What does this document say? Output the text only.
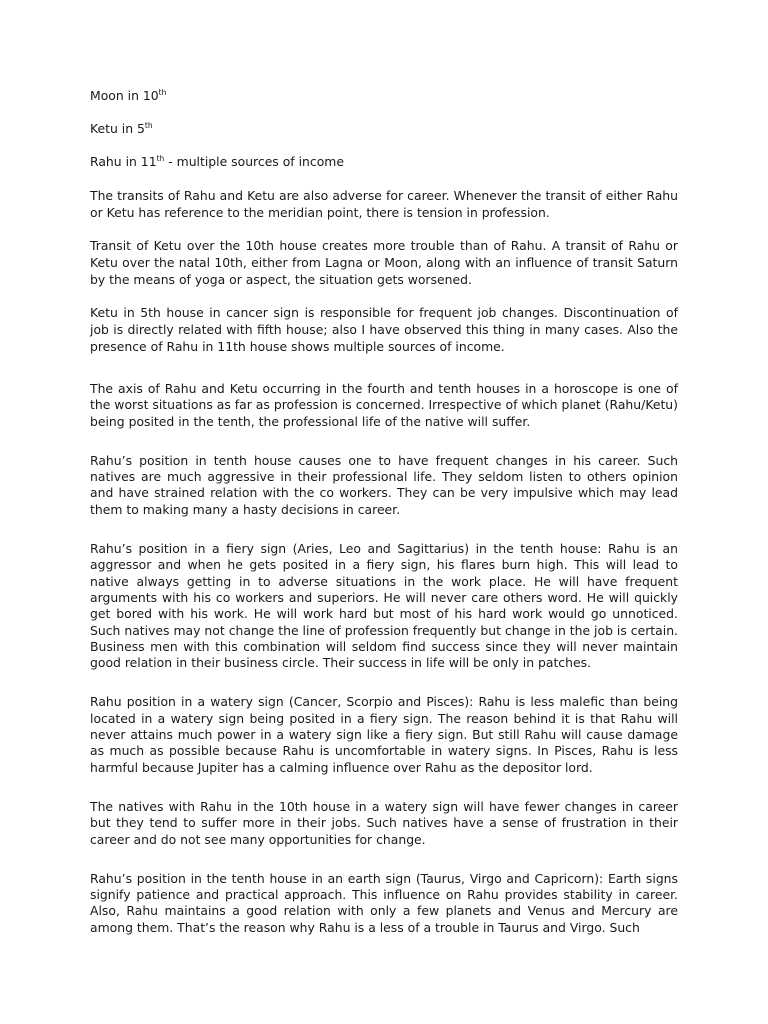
Moon in 10th
Ketu in 5th
Rahu in 11th - multiple sources of income

The transits of Rahu and Ketu are also adverse for career. Whenever the transit of either Rahu or Ketu has reference to the meridian point, there is tension in profession.

Transit of Ketu over the 10th house creates more trouble than of Rahu. A transit of Rahu or Ketu over the natal 10th, either from Lagna or Moon, along with an influence of transit Saturn by the means of yoga or aspect, the situation gets worsened.

Ketu in 5th house in cancer sign is responsible for frequent job changes. Discontinuation of job is directly related with fifth house; also I have observed this thing in many cases. Also the presence of Rahu in 11th house shows multiple sources of income.

The axis of Rahu and Ketu occurring in the fourth and tenth houses in a horoscope is one of the worst situations as far as profession is concerned. Irrespective of which planet (Rahu/Ketu) being posited in the tenth, the professional life of the native will suffer.

Rahu’s position in tenth house causes one to have frequent changes in his career. Such natives are much aggressive in their professional life. They seldom listen to others opinion and have strained relation with the co workers. They can be very impulsive which may lead them to making many a hasty decisions in career.

Rahu’s position in a fiery sign (Aries, Leo and Sagittarius) in the tenth house: Rahu is an aggressor and when he gets posited in a fiery sign, his flares burn high. This will lead to native always getting in to adverse situations in the work place. He will have frequent arguments with his co workers and superiors. He will never care others word. He will quickly get bored with his work. He will work hard but most of his hard work would go unnoticed. Such natives may not change the line of profession frequently but change in the job is certain. Business men with this combination will seldom find success since they will never maintain good relation in their business circle. Their success in life will be only in patches.

Rahu position in a watery sign (Cancer, Scorpio and Pisces): Rahu is less malefic than being located in a watery sign being posited in a fiery sign. The reason behind it is that Rahu will never attains much power in a watery sign like a fiery sign. But still Rahu will cause damage as much as possible because Rahu is uncomfortable in watery signs. In Pisces, Rahu is less harmful because Jupiter has a calming influence over Rahu as the depositor lord.

The natives with Rahu in the 10th house in a watery sign will have fewer changes in career but they tend to suffer more in their jobs. Such natives have a sense of frustration in their career and do not see many opportunities for change.

Rahu’s position in the tenth house in an earth sign (Taurus, Virgo and Capricorn): Earth signs signify patience and practical approach. This influence on Rahu provides stability in career. Also, Rahu maintains a good relation with only a few planets and Venus and Mercury are among them. That’s the reason why Rahu is a less of a trouble in Taurus and Virgo. Such
